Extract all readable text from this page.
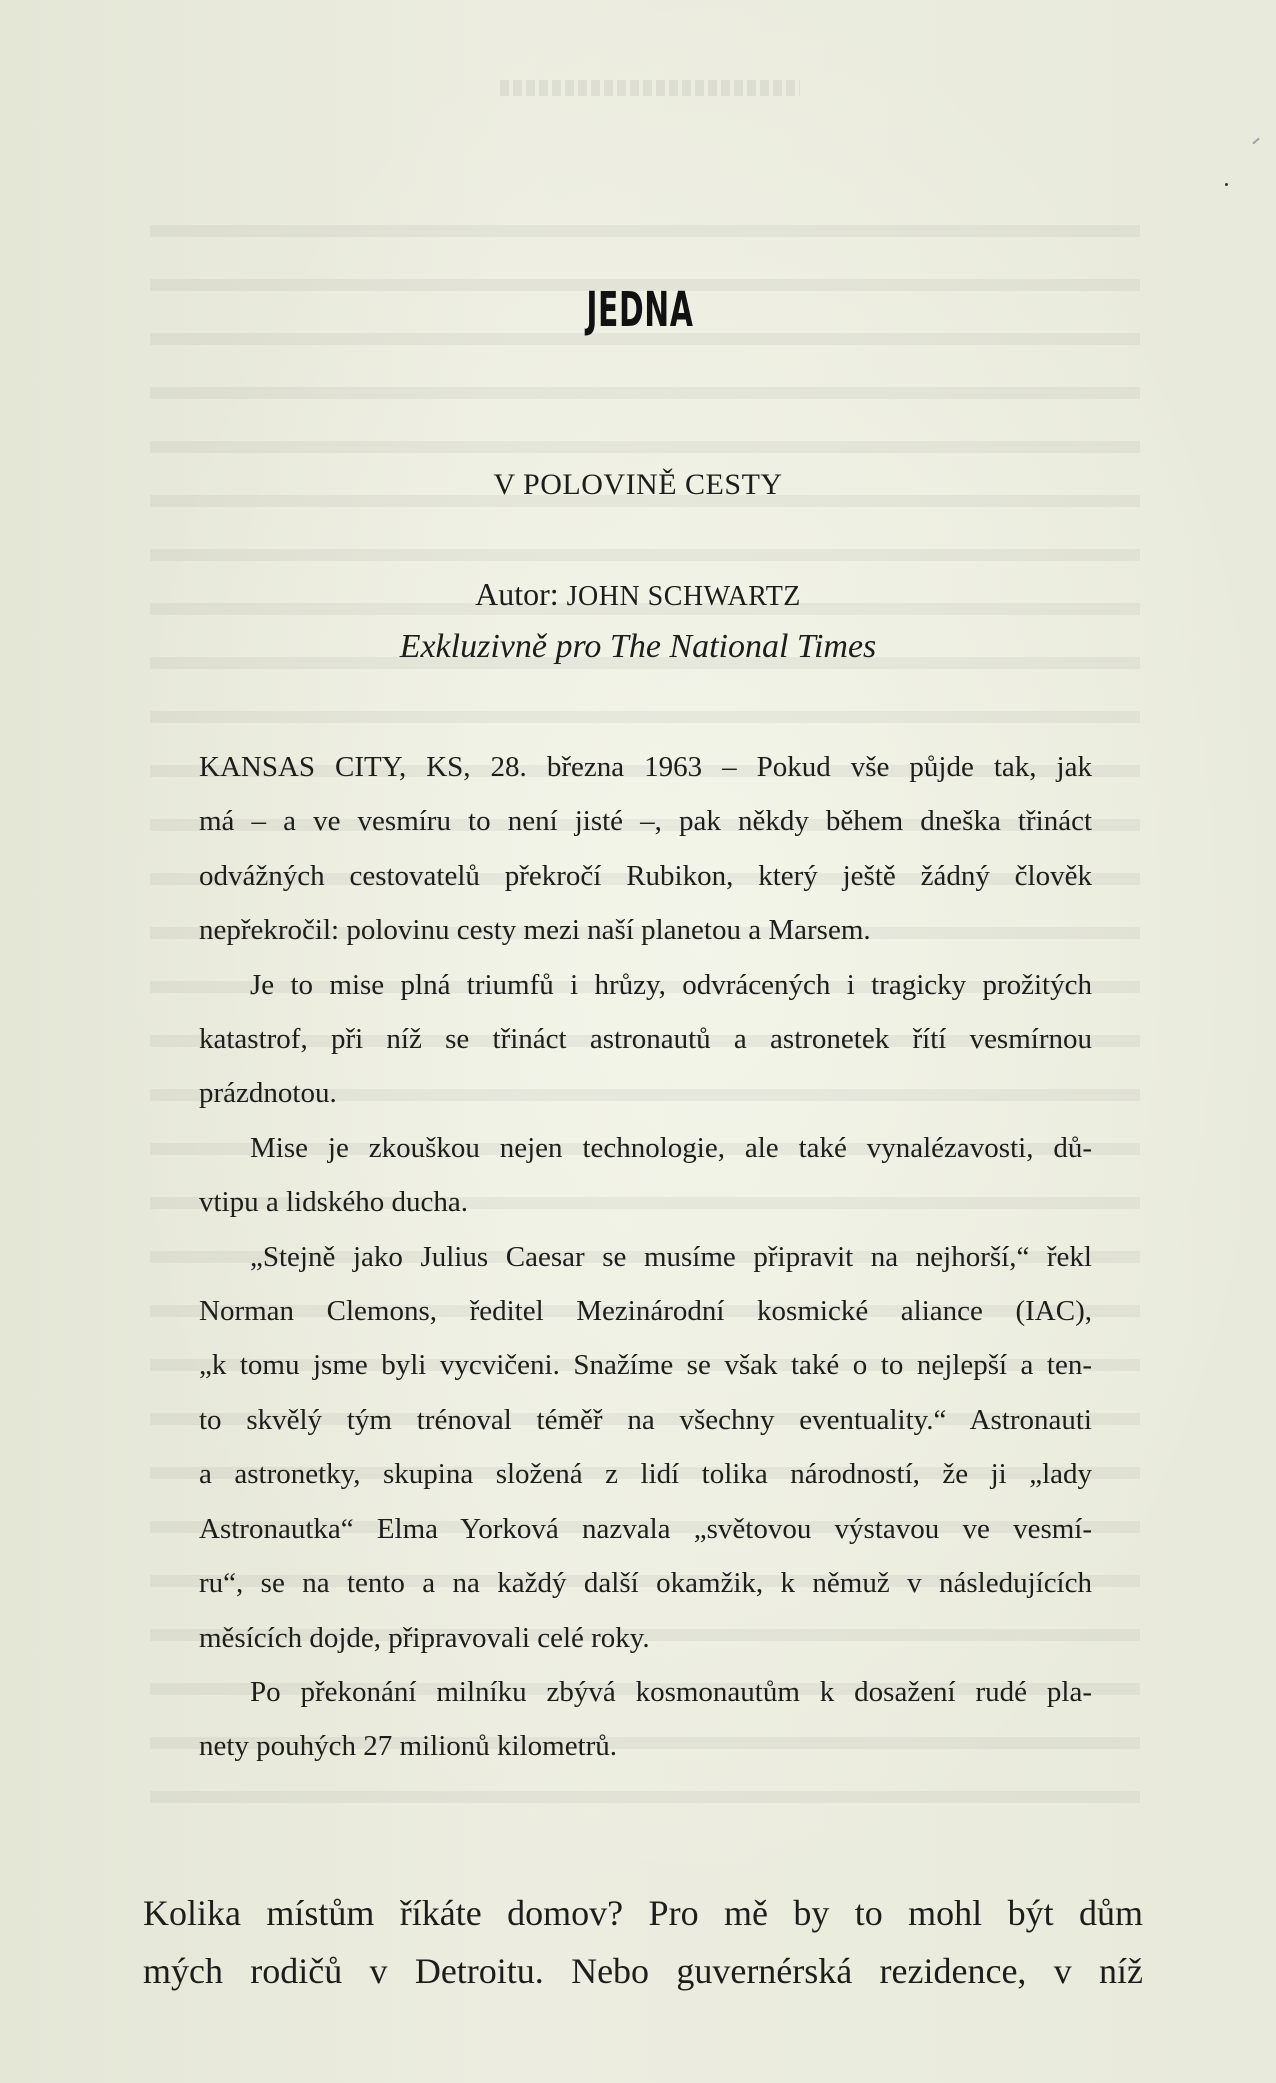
JEDNA
V POLOVINĚ CESTY
Autor: JOHN SCHWARTZ
Exkluzivně pro The National Times

KANSAS CITY, KS, 28. března 1963 – Pokud vše půjde tak, jak
má – a ve vesmíru to není jisté –, pak někdy během dneška třináct
odvážných cestovatelů překročí Rubikon, který ještě žádný člověk
nepřekročil: polovinu cesty mezi naší planetou a Marsem.

Je to mise plná triumfů i hrůzy, odvrácených i tragicky prožitých
katastrof, při níž se třináct astronautů a astronetek řítí vesmírnou
prázdnotou.

Mise je zkouškou nejen technologie, ale také vynalézavosti, dů-
vtipu a lidského ducha.

„Stejně jako Julius Caesar se musíme připravit na nejhorší,“ řekl
Norman Clemons, ředitel Mezinárodní kosmické aliance (IAC),
„k tomu jsme byli vycvičeni. Snažíme se však také o to nejlepší a ten-
to skvělý tým trénoval téměř na všechny eventuality.“ Astronauti
a astronetky, skupina složená z lidí tolika národností, že ji „lady
Astronautka“ Elma Yorková nazvala „světovou výstavou ve vesmí-
ru“, se na tento a na každý další okamžik, k němuž v následujících
měsících dojde, připravovali celé roky.

Po překonání milníku zbývá kosmonautům k dosažení rudé pla-
nety pouhých 27 milionů kilometrů.

Kolika místům říkáte domov? Pro mě by to mohl být dům
mých rodičů v Detroitu. Nebo guvernérská rezidence, v níž
